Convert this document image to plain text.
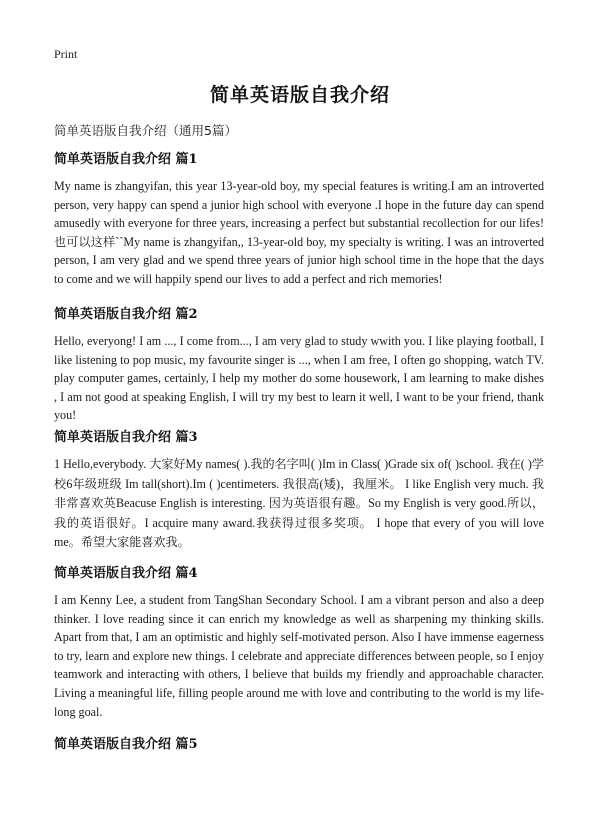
Print
简单英语版自我介绍
简单英语版自我介绍（通用5篇）
简单英语版自我介绍 篇1

My name is zhangyifan, this year 13-year-old boy, my special features is writing.I am an introverted person, very happy can spend a junior high school with everyone .I hope in the future day can spend amusedly with everyone for three years, increasing a perfect but substantial recollection for our lifes! 也可以这样``My name is zhangyifan,, 13-year-old boy, my specialty is writing. I was an introverted person, I am very glad and we spend three years of junior high school time in the hope that the days to come and we will happily spend our lives to add a perfect and rich memories!

简单英语版自我介绍 篇2

Hello, everyong! I am ..., I come from..., I am very glad to study wwith you. I like playing football, I like listening to pop music, my favourite singer is ..., when I am free, I often go shopping, watch TV. play computer games, certainly, I help my mother do some housework, I am learning to make dishes , I am not good at speaking English, I will try my best to learn it well, I want to be your friend, thank you!

简单英语版自我介绍 篇3

1 Hello,everybody. 大家好My names( ).我的名字叫( )Im in Class( )Grade six of( )school. 我在( )学校6年级班级 Im tall(short).Im ( )centimeters. 我很高(矮)，我厘米。 I like English very much. 我非常喜欢英Beacuse English is interesting. 因为英语很有趣。So my English is very good.所以，我的英语很好。I acquire many award.我获得过很多奖项。 I hope that every of you will love me。希望大家能喜欢我。

简单英语版自我介绍 篇4

I am Kenny Lee, a student from TangShan Secondary School. I am a vibrant person and also a deep thinker. I love reading since it can enrich my knowledge as well as sharpening my thinking skills. Apart from that, I am an optimistic and highly self-motivated person. Also I have immense eagerness to try, learn and explore new things. I celebrate and appreciate differences between people, so I enjoy teamwork and interacting with others, I believe that builds my friendly and approachable character. Living a meaningful life, filling people around me with love and contributing to the world is my life-long goal.

简单英语版自我介绍 篇5
